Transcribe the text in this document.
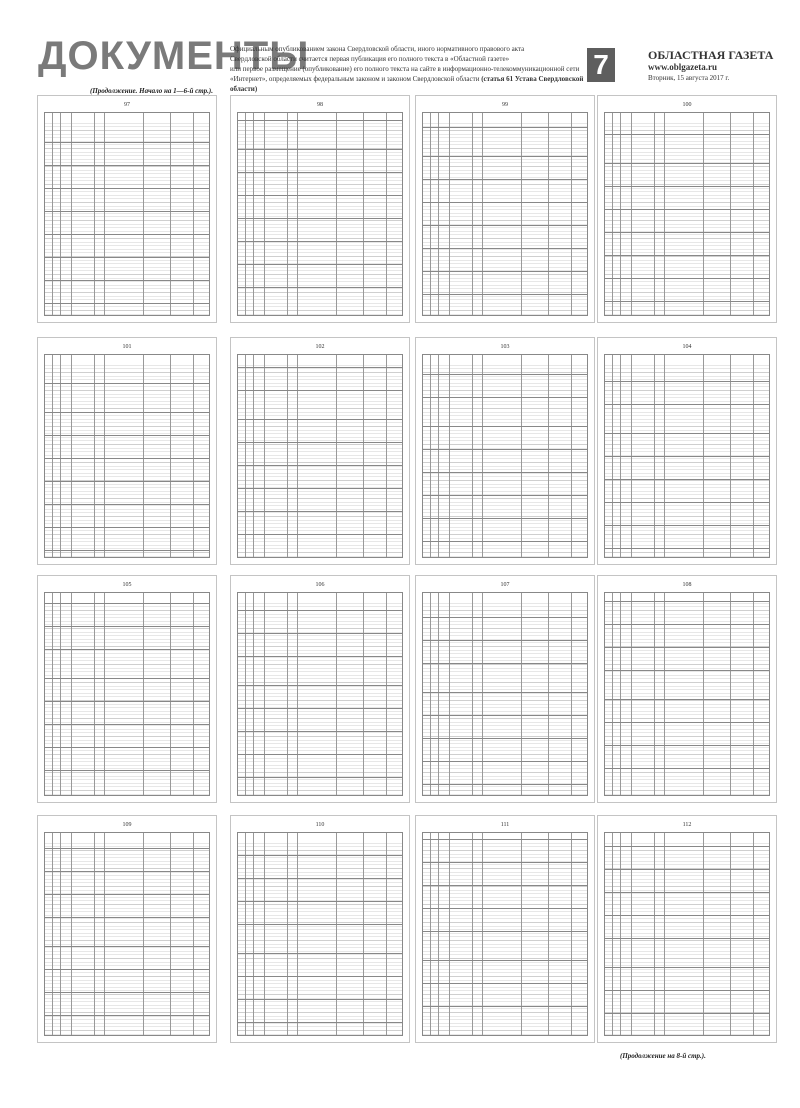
ДОКУМЕНТЫ
Официальным опубликованием закона Свердловской области, иного нормативного правового акта
Свердловской области считается первая публикация его полного текста в «Областной газете»
или первое размещение (опубликование) его полного текста на сайте в информационно-телекоммуникационной сети
«Интернет», определяемых федеральным законом и законом Свердловской области (статья 61 Устава Свердловской области)
7	ОБЛАСТНАЯ ГАЗЕТА
www.oblgazeta.ru
Вторник, 15 августа 2017 г.
(Продолжение. Начало на 1—6-й стр.).
97	98	99	100
101	102	103	104
105	106	107	108
109	110	111	112
(Продолжение на 8-й стр.).
